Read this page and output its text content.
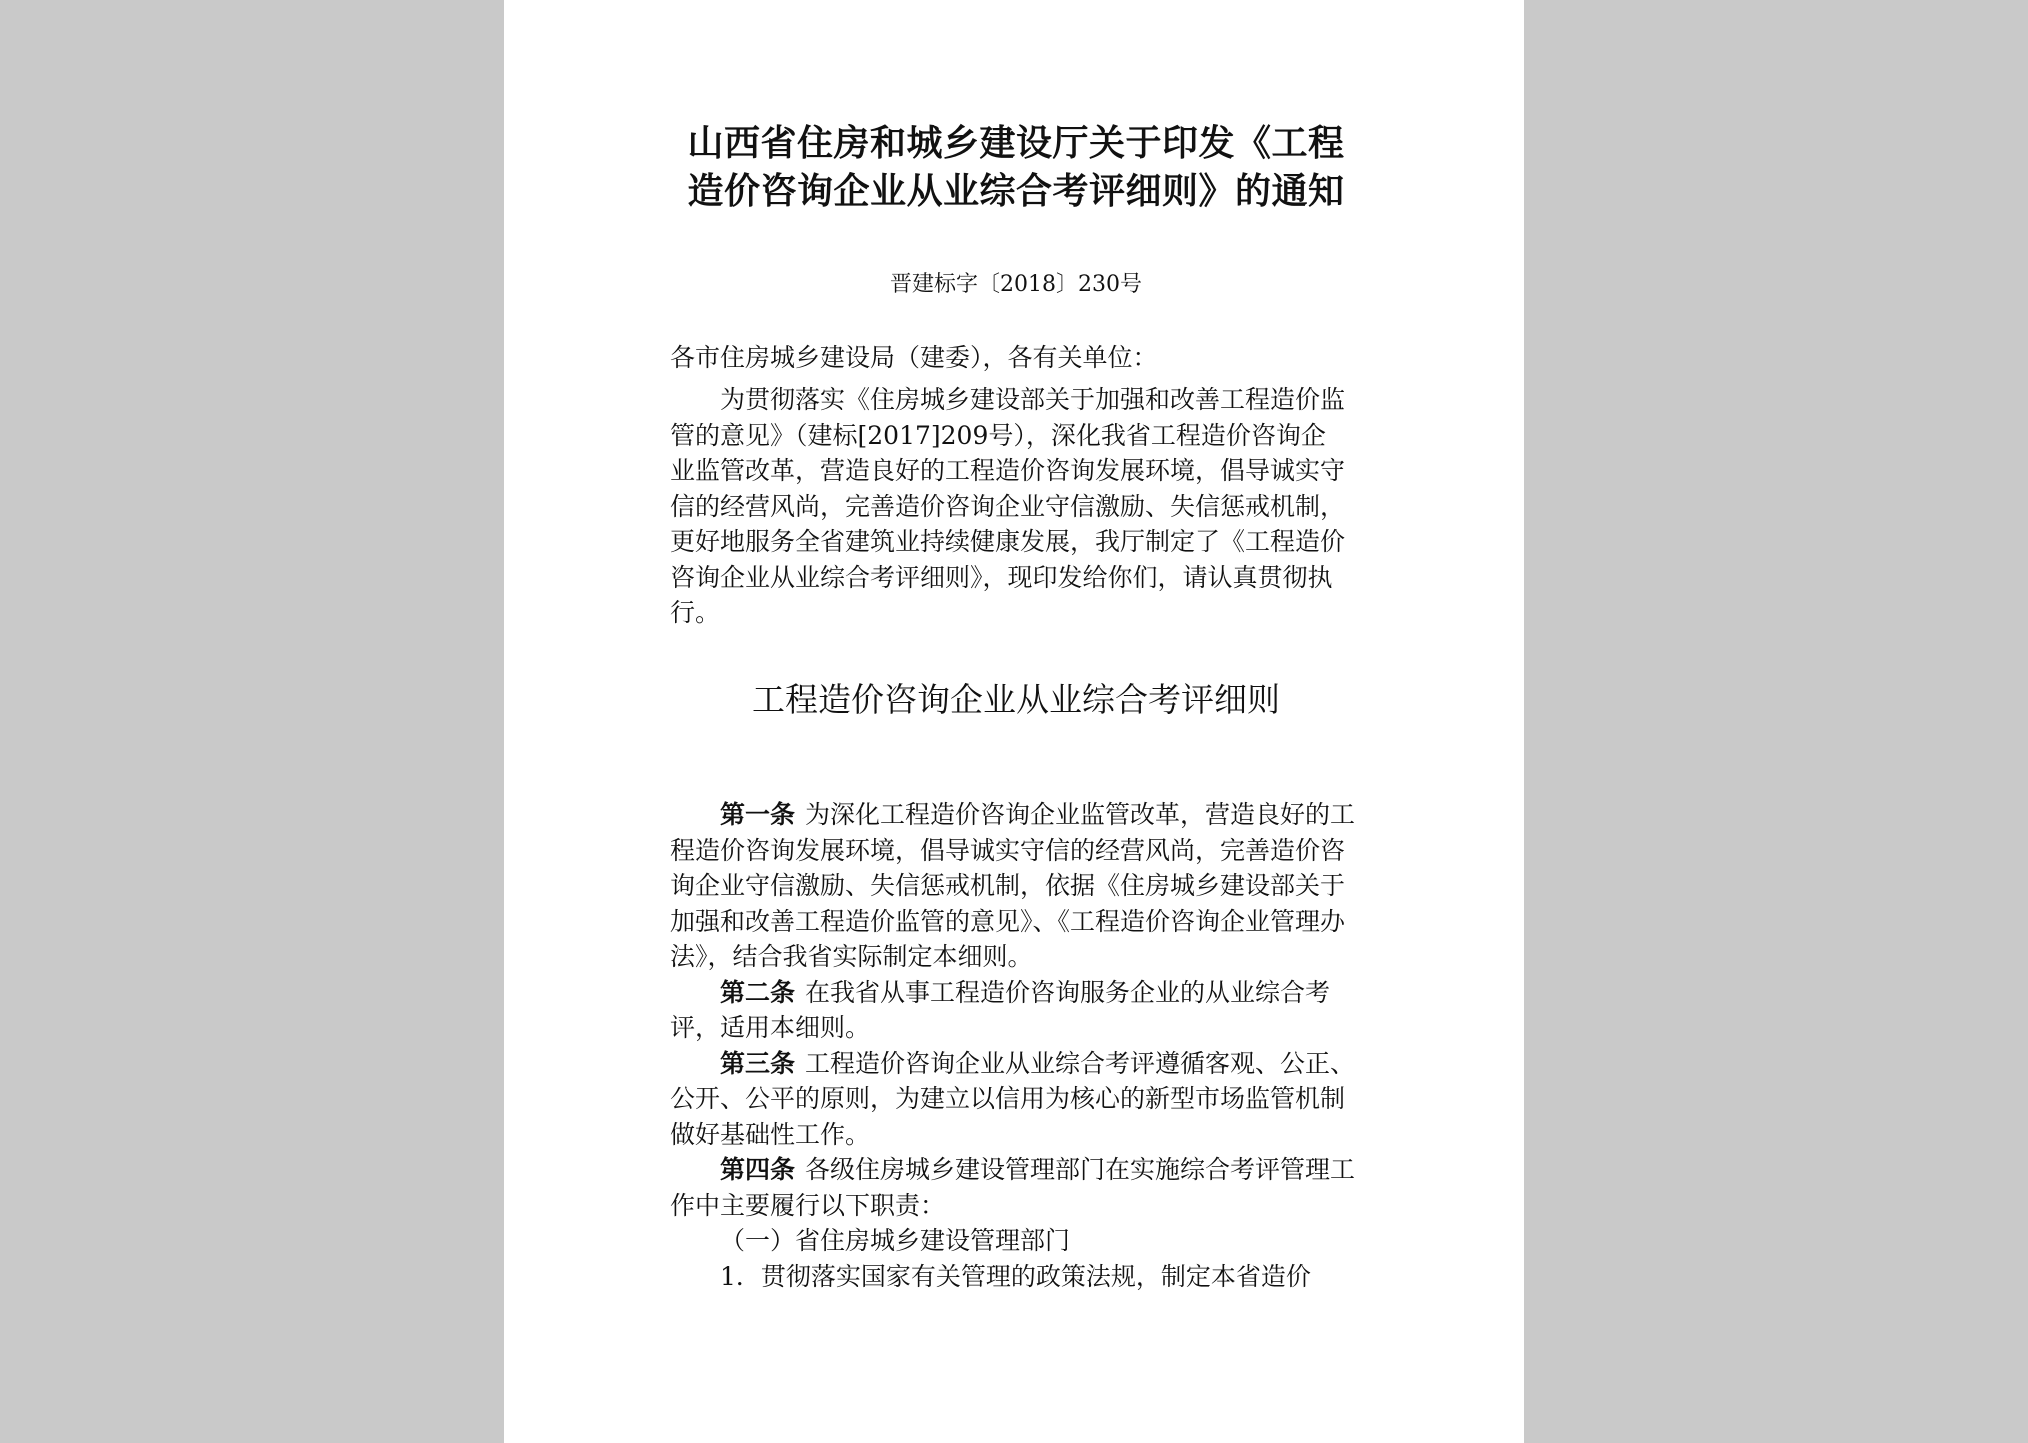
山西省住房和城乡建设厅关于印发《工程
造价咨询企业从业综合考评细则》的通知
晋建标字〔2018〕230号

各市住房城乡建设局（建委），各有关单位：

为贯彻落实《住房城乡建设部关于加强和改善工程造价监管的意见》（建标[2017]209号），深化我省工程造价咨询企业监管改革，营造良好的工程造价咨询发展环境，倡导诚实守信的经营风尚，完善造价咨询企业守信激励、失信惩戒机制，更好地服务全省建筑业持续健康发展，我厅制定了《工程造价咨询企业从业综合考评细则》，现印发给你们，请认真贯彻执行。

工程造价咨询企业从业综合考评细则

第一条 为深化工程造价咨询企业监管改革，营造良好的工程造价咨询发展环境，倡导诚实守信的经营风尚，完善造价咨询企业守信激励、失信惩戒机制，依据《住房城乡建设部关于加强和改善工程造价监管的意见》、《工程造价咨询企业管理办法》，结合我省实际制定本细则。

第二条 在我省从事工程造价咨询服务企业的从业综合考评，适用本细则。

第三条 工程造价咨询企业从业综合考评遵循客观、公正、公开、公平的原则，为建立以信用为核心的新型市场监管机制做好基础性工作。

第四条 各级住房城乡建设管理部门在实施综合考评管理工作中主要履行以下职责：

（一）省住房城乡建设管理部门

1．贯彻落实国家有关管理的政策法规，制定本省造价
